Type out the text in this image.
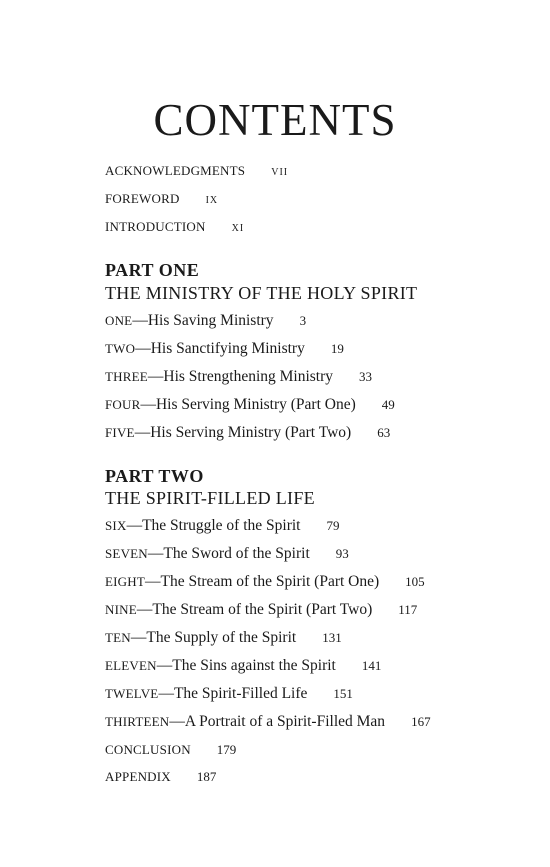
CONTENTS
ACKNOWLEDGMENTS vii
FOREWORD ix
INTRODUCTION xi
PART ONE
THE MINISTRY OF THE HOLY SPIRIT
ONE—His Saving Ministry 3
TWO—His Sanctifying Ministry 19
THREE—His Strengthening Ministry 33
FOUR—His Serving Ministry (Part One) 49
FIVE—His Serving Ministry (Part Two) 63
PART TWO
THE SPIRIT-FILLED LIFE
SIX—The Struggle of the Spirit 79
SEVEN—The Sword of the Spirit 93
EIGHT—The Stream of the Spirit (Part One) 105
NINE—The Stream of the Spirit (Part Two) 117
TEN—The Supply of the Spirit 131
ELEVEN—The Sins against the Spirit 141
TWELVE—The Spirit-Filled Life 151
THIRTEEN—A Portrait of a Spirit-Filled Man 167
CONCLUSION 179
APPENDIX 187
